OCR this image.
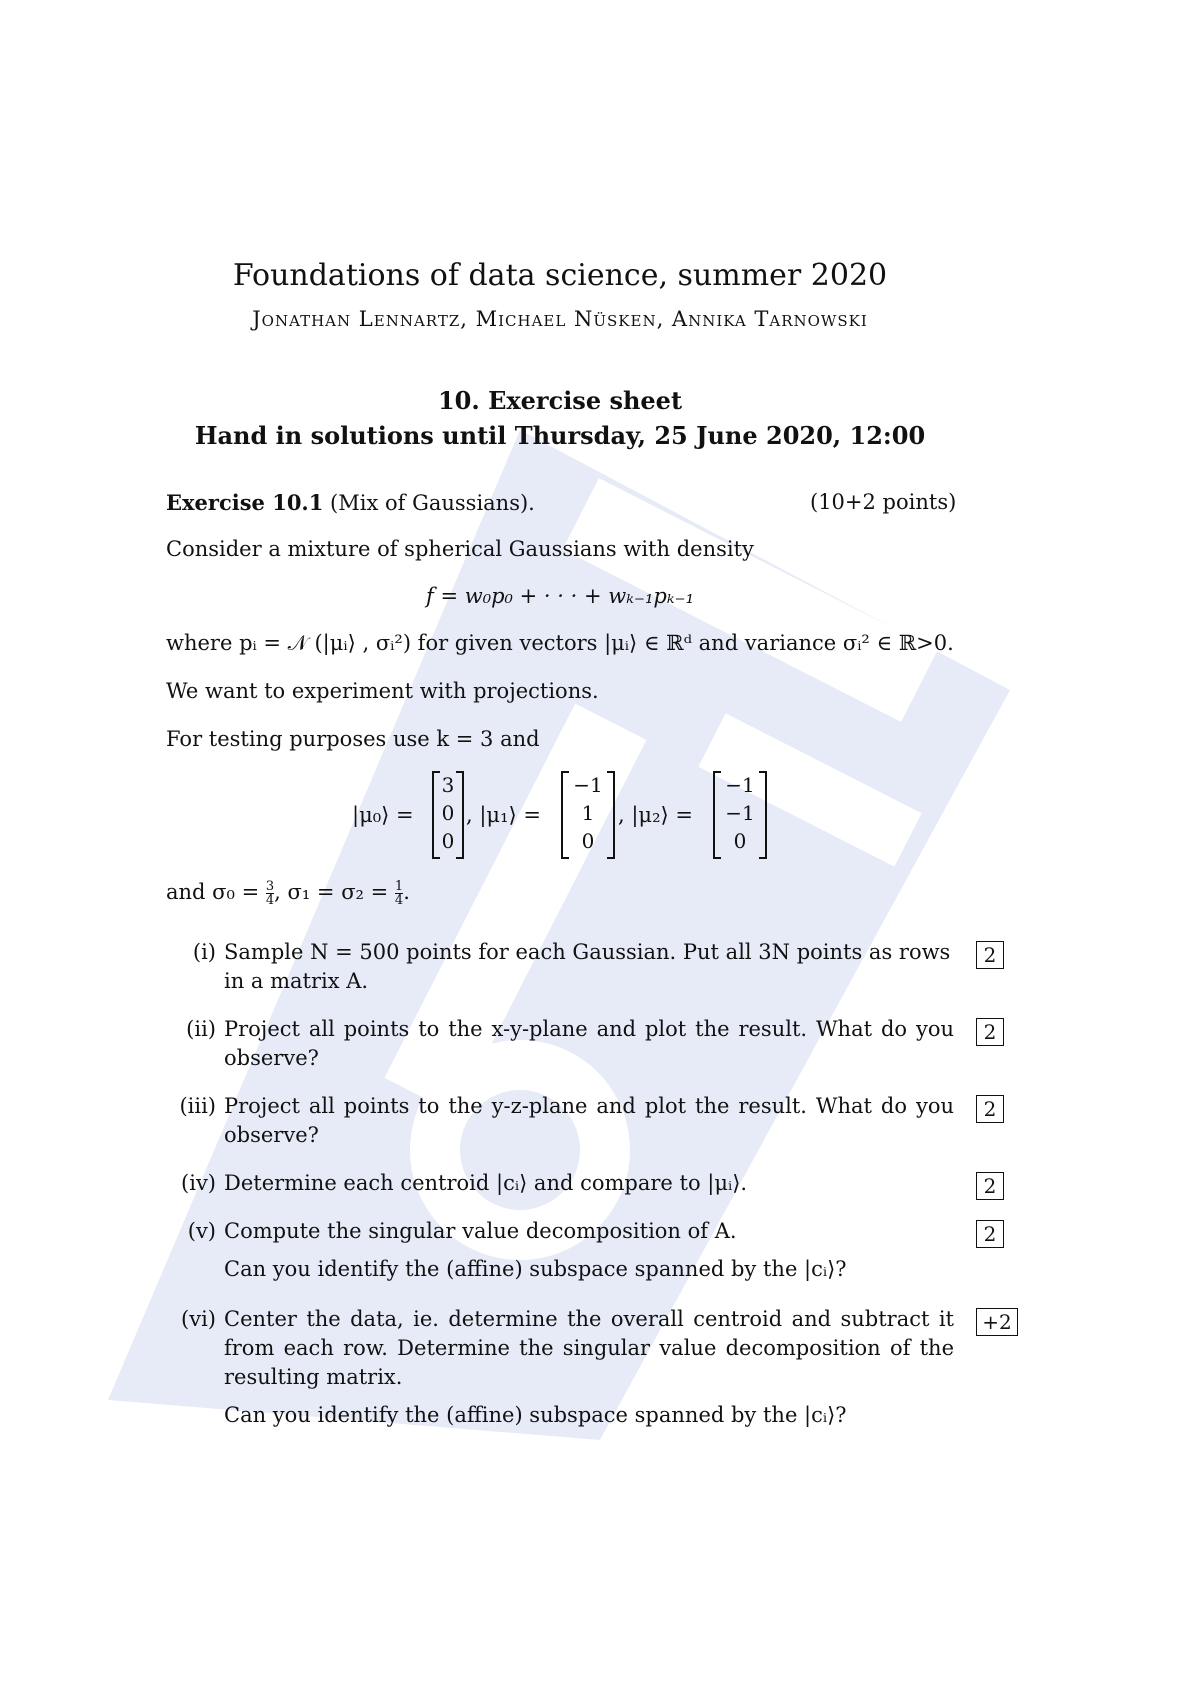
Foundations of data science, summer 2020
Jonathan Lennartz, Michael Nüsken, Annika Tarnowski
10. Exercise sheet
Hand in solutions until Thursday, 25 June 2020, 12:00
Exercise 10.1 (Mix of Gaussians).	(10+2 points)
Consider a mixture of spherical Gaussians with density
f = w₀p₀ + · · · + wₖ₋₁pₖ₋₁
where pᵢ = 𝒩 (|μᵢ⟩ , σᵢ²) for given vectors |μᵢ⟩ ∈ ℝᵈ and variance σᵢ² ∈ ℝ>0.
We want to experiment with projections.
For testing purposes use k = 3 and
|μ₀⟩ =
3
0
0
, |μ₁⟩ =
−1
1
0
, |μ₂⟩ =
−1
−1
0
and $\sigma_0 = \frac{3}{4}$ , $\sigma_1 = \sigma_2 = \frac{1}{4}$ .
(i) Sample N = 500 points for each Gaussian. Put all 3N points as rows in a matrix A.
2
(ii) Project all points to the x-y-plane and plot the result. What do you observe?
2
(iii) Project all points to the y-z-plane and plot the result. What do you observe?
2
(iv) Determine each centroid |cᵢ⟩ and compare to |μᵢ⟩.	2
(v) Compute the singular value decomposition of A.
Can you identify the (affine) subspace spanned by the |cᵢ⟩?
2
(vi) Center the data, ie. determine the overall centroid and subtract it from each row. Determine the singular value decomposition of the resulting matrix.
Can you identify the (affine) subspace spanned by the |cᵢ⟩?
+2
